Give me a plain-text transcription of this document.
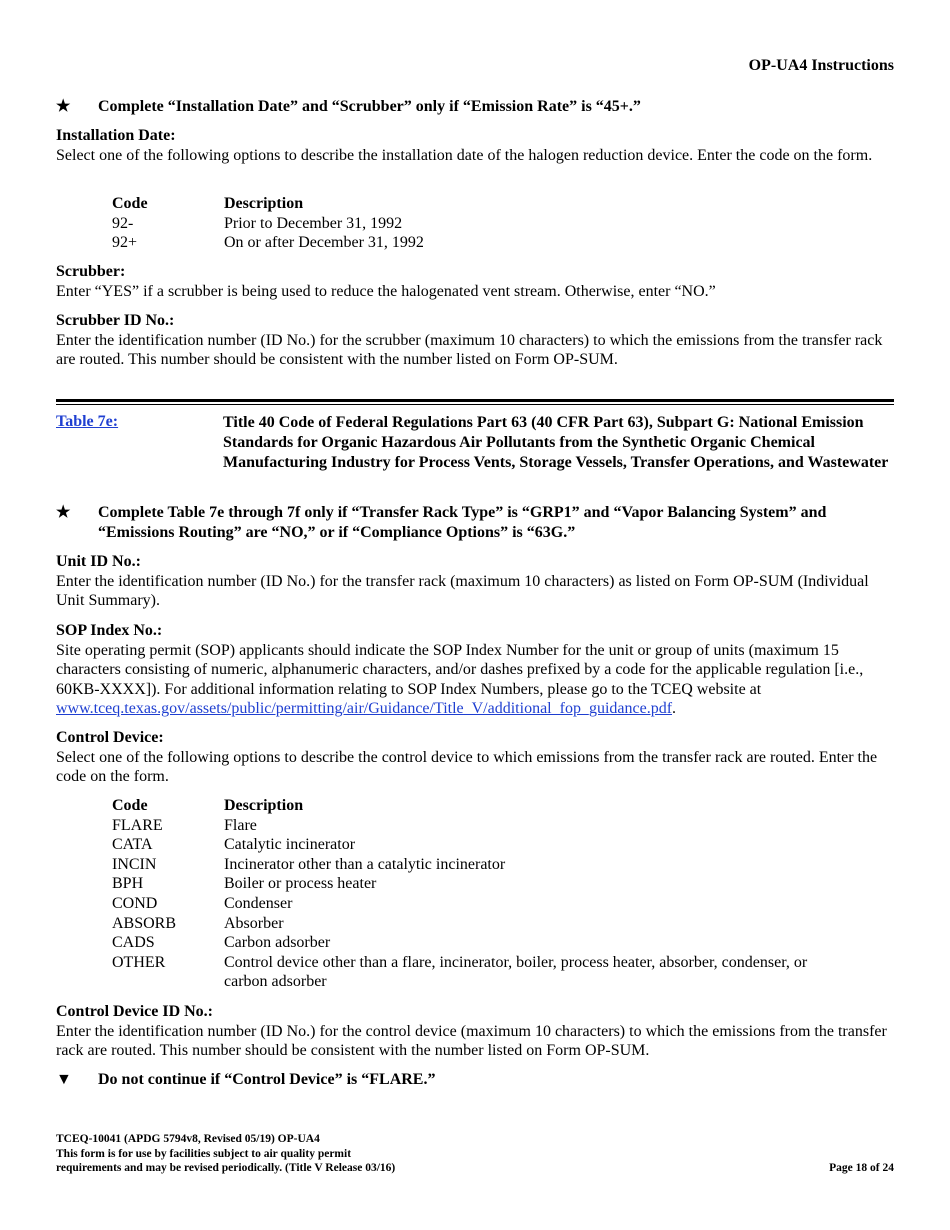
OP-UA4 Instructions
★	Complete “Installation Date” and “Scrubber” only if “Emission Rate” is “45+.”
Installation Date:
Select one of the following options to describe the installation date of the halogen reduction device. Enter the code on the form.
Code	Description
92-	Prior to December 31, 1992
92+	On or after December 31, 1992
Scrubber:
Enter “YES” if a scrubber is being used to reduce the halogenated vent stream. Otherwise, enter “NO.”
Scrubber ID No.:
Enter the identification number (ID No.) for the scrubber (maximum 10 characters) to which the emissions from the transfer rack are routed. This number should be consistent with the number listed on Form OP-SUM.
Table 7e:	Title 40 Code of Federal Regulations Part 63 (40 CFR Part 63), Subpart G: National Emission Standards for Organic Hazardous Air Pollutants from the Synthetic Organic Chemical Manufacturing Industry for Process Vents, Storage Vessels, Transfer Operations, and Wastewater
★	Complete Table 7e through 7f only if “Transfer Rack Type” is “GRP1” and “Vapor Balancing System” and “Emissions Routing” are “NO,” or if “Compliance Options” is “63G.”
Unit ID No.:
Enter the identification number (ID No.) for the transfer rack (maximum 10 characters) as listed on Form OP-SUM (Individual Unit Summary).
SOP Index No.:
Site operating permit (SOP) applicants should indicate the SOP Index Number for the unit or group of units (maximum 15 characters consisting of numeric, alphanumeric characters, and/or dashes prefixed by a code for the applicable regulation [i.e., 60KB-XXXX]). For additional information relating to SOP Index Numbers, please go to the TCEQ website at www.tceq.texas.gov/assets/public/permitting/air/Guidance/Title_V/additional_fop_guidance.pdf.
Control Device:
Select one of the following options to describe the control device to which emissions from the transfer rack are routed. Enter the code on the form.
Code	Description
FLARE	Flare
CATA	Catalytic incinerator
INCIN	Incinerator other than a catalytic incinerator
BPH	Boiler or process heater
COND	Condenser
ABSORB	Absorber
CADS	Carbon adsorber
OTHER	Control device other than a flare, incinerator, boiler, process heater, absorber, condenser, or carbon adsorber
Control Device ID No.:
Enter the identification number (ID No.) for the control device (maximum 10 characters) to which the emissions from the transfer rack are routed. This number should be consistent with the number listed on Form OP-SUM.
▼ Do not continue if “Control Device” is “FLARE.”
TCEQ-10041 (APDG 5794v8, Revised 05/19) OP-UA4
This form is for use by facilities subject to air quality permit
requirements and may be revised periodically. (Title V Release 03/16)	Page 18 of 24
